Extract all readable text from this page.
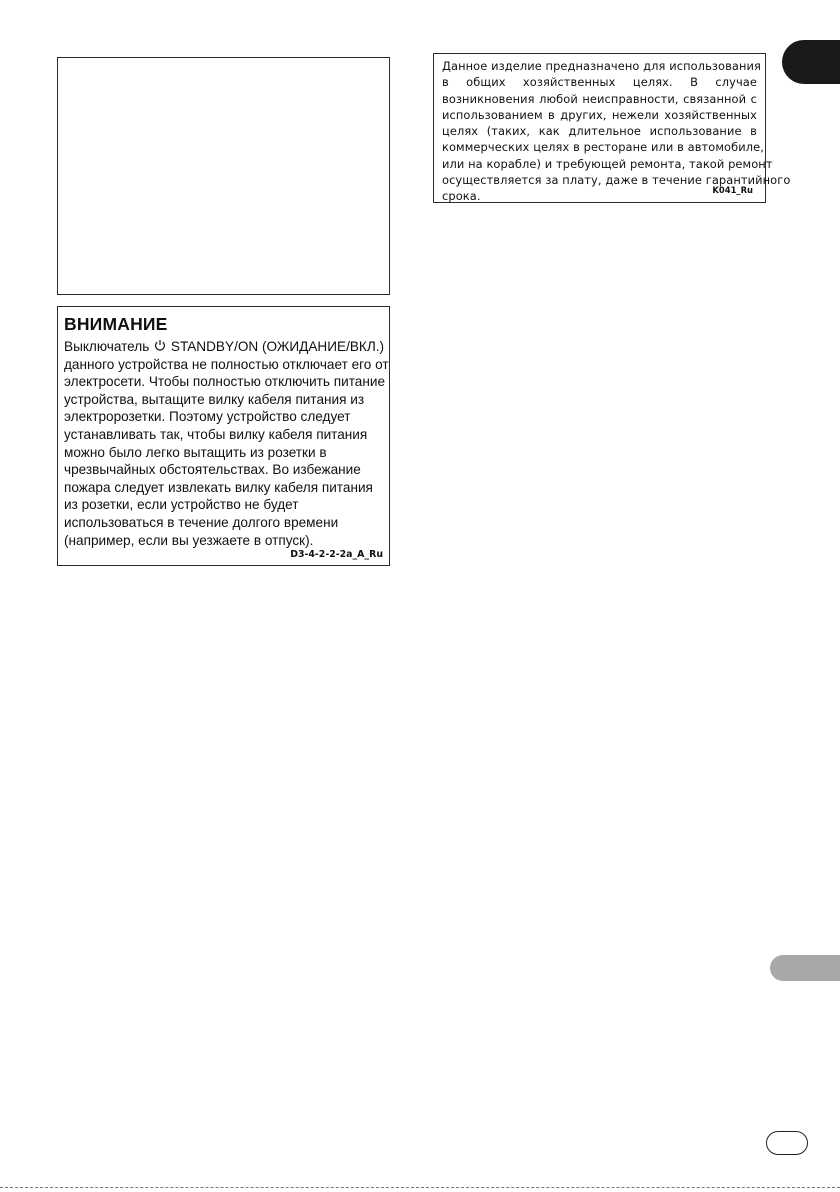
ВНИМАНИЕ
Выключатель STANDBY/ON (ОЖИДАНИЕ/ВКЛ.)
данного устройства не полностью отключает его от
электросети. Чтобы полностью отключить питание
устройства, вытащите вилку кабеля питания из
электророзетки. Поэтому устройство следует
устанавливать так, чтобы вилку кабеля питания
можно было легко вытащить из розетки в
чрезвычайных обстоятельствах. Во избежание
пожара следует извлекать вилку кабеля питания
из розетки, если устройство не будет
использоваться в течение долгого времени
(например, если вы уезжаете в отпуск).
D3-4-2-2-2a_A_Ru
Данное изделие предназначено для использования
в общих хозяйственных целях. В случае
возникновения любой неисправности, связанной с
использованием в других, нежели хозяйственных
целях (таких, как длительное использование в
коммерческих целях в ресторане или в автомобиле,
или на корабле) и требующей ремонта, такой ремонт
осуществляется за плату, даже в течение гарантийного
срока.	K041_Ru
